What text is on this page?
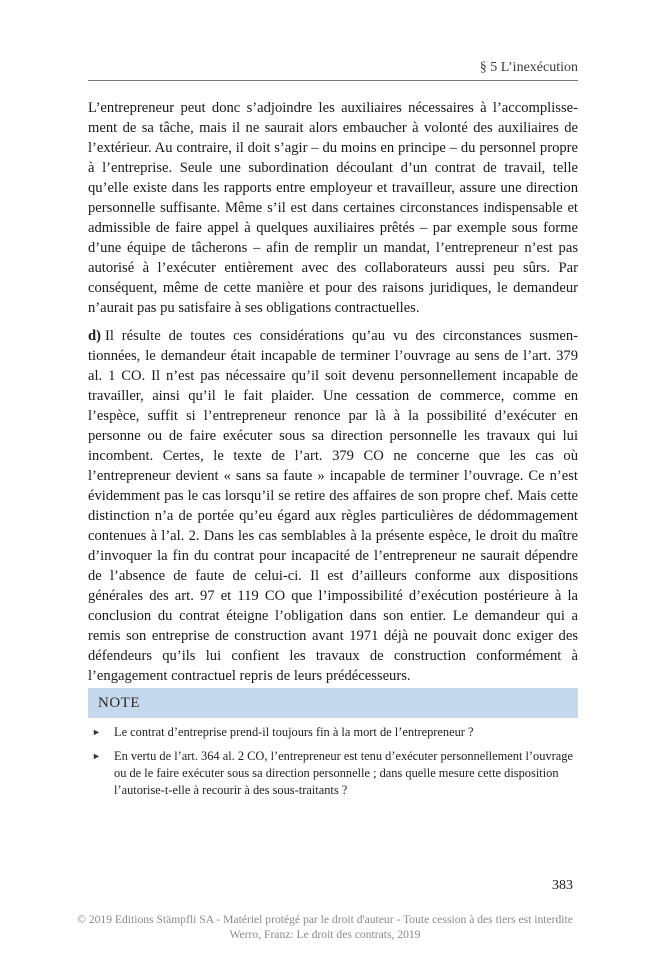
§ 5 L’inexécution

L’entrepreneur peut donc s’adjoindre les auxiliaires nécessaires à l’accomplissement de sa tâche, mais il ne saurait alors embaucher à volonté des auxiliaires de l’extérieur. Au contraire, il doit s’agir – du moins en principe – du personnel propre à l’entreprise. Seule une subordination découlant d’un contrat de travail, telle qu’elle existe dans les rapports entre employeur et travailleur, assure une direction personnelle suffisante. Même s’il est dans certaines circonstances indispensable et admissible de faire appel à quelques auxiliaires prêtés – par exemple sous forme d’une équipe de tâcherons – afin de remplir un mandat, l’entrepreneur n’est pas autorisé à l’exécuter entièrement avec des collaborateurs aussi peu sûrs. Par conséquent, même de cette manière et pour des raisons juridiques, le demandeur n’aurait pas pu satisfaire à ses obligations contractuelles.

d) Il résulte de toutes ces considérations qu’au vu des circonstances susmentionnées, le demandeur était incapable de terminer l’ouvrage au sens de l’art. 379 al. 1 CO. Il n’est pas nécessaire qu’il soit devenu personnellement incapable de travailler, ainsi qu’il le fait plaider. Une cessation de commerce, comme en l’espèce, suffit si l’entrepreneur renonce par là à la possibilité d’exécuter en personne ou de faire exécuter sous sa direction personnelle les travaux qui lui incombent. Certes, le texte de l’art. 379 CO ne concerne que les cas où l’entrepreneur devient « sans sa faute » incapable de terminer l’ouvrage. Ce n’est évidemment pas le cas lorsqu’il se retire des affaires de son propre chef. Mais cette distinction n’a de portée qu’eu égard aux règles particulières de dédommagement contenues à l’al. 2. Dans les cas semblables à la présente espèce, le droit du maître d’invoquer la fin du contrat pour incapacité de l’entrepreneur ne saurait dépendre de l’absence de faute de celui-ci. Il est d’ailleurs conforme aux dispositions générales des art. 97 et 119 CO que l’impossibilité d’exécution postérieure à la conclusion du contrat éteigne l’obligation dans son entier. Le demandeur qui a remis son entreprise de construction avant 1971 déjà ne pouvait donc exiger des défendeurs qu’ils lui confient les travaux de construction conformément à l’engagement contractuel repris de leurs prédécesseurs.

NOTE
► Le contrat d’entreprise prend-il toujours fin à la mort de l’entrepreneur ?
► En vertu de l’art. 364 al. 2 CO, l’entrepreneur est tenu d’exécuter personnellement l’ouvrage ou de le faire exécuter sous sa direction personnelle ; dans quelle mesure cette disposition l’autorise-t-elle à recourir à des sous-traitants ?
383
© 2019 Editions Stämpfli SA - Matériel protégé par le droit d'auteur - Toute cession à des tiers est interdite
Werro, Franz: Le droit des contrats, 2019
